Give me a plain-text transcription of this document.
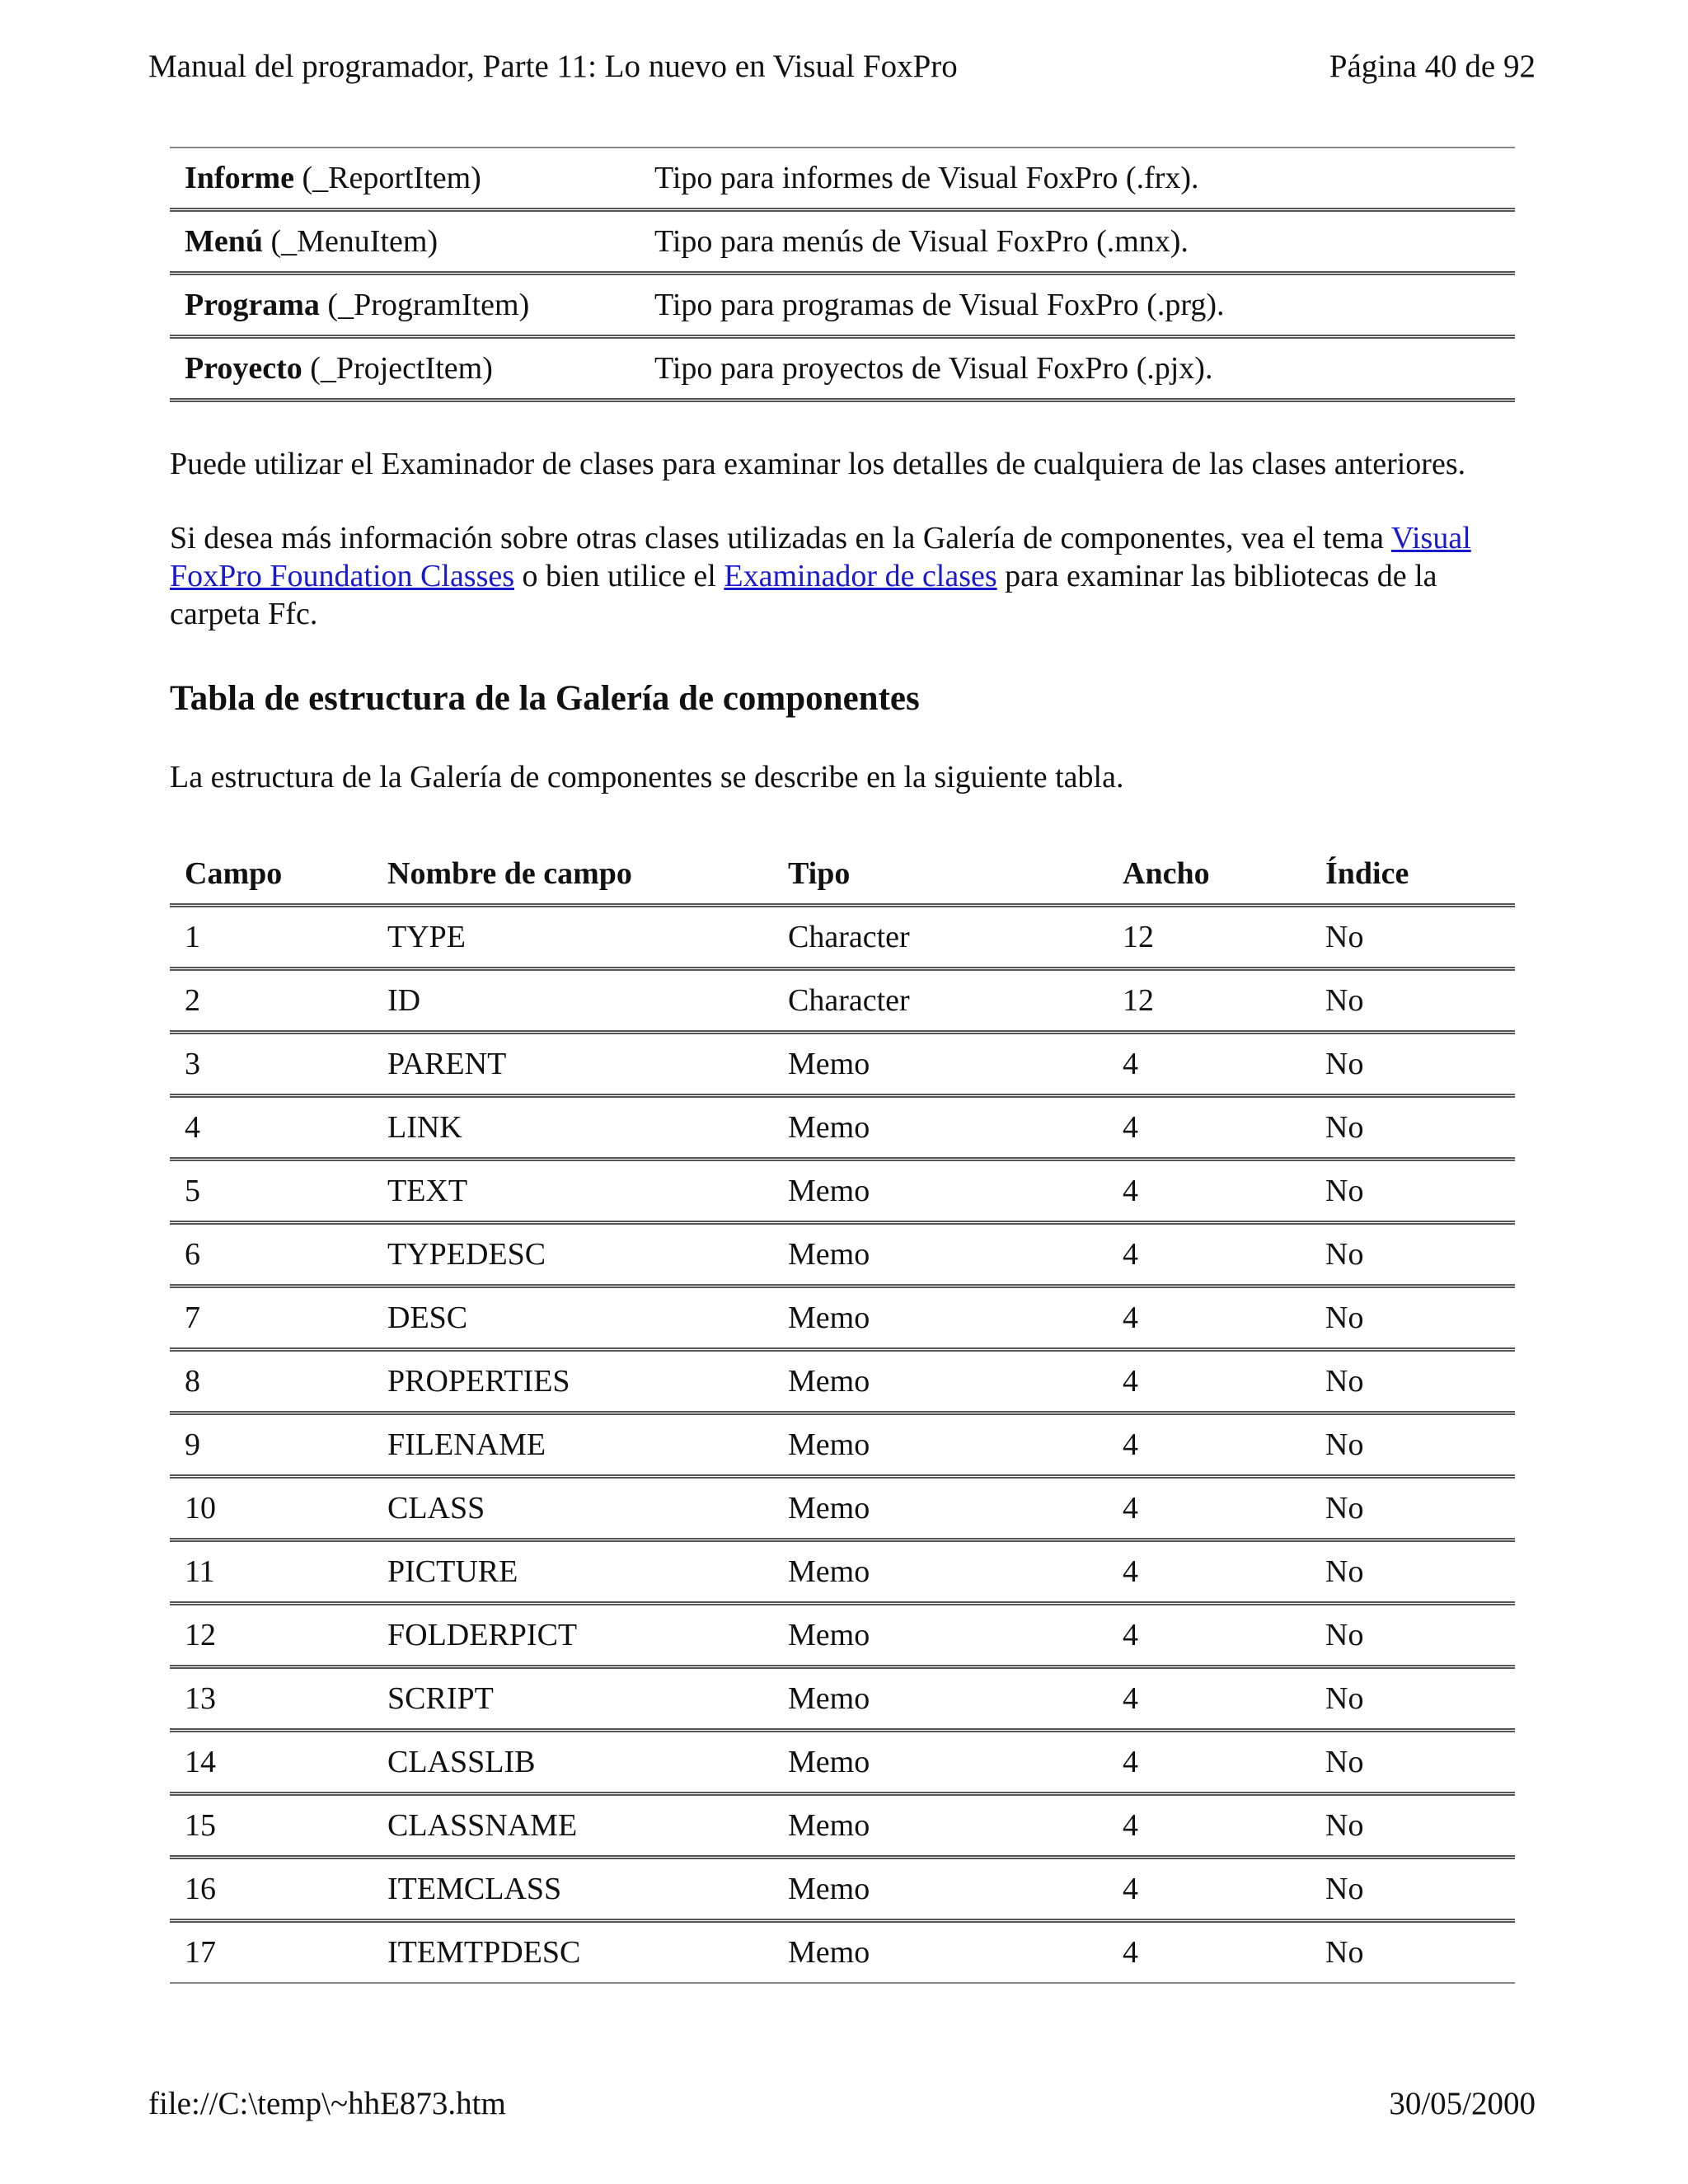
Manual del programador, Parte 11: Lo nuevo en Visual FoxPro	Página 40 de 92
Informe (_ReportItem)	Tipo para informes de Visual FoxPro (.frx).
Menú (_MenuItem)	Tipo para menús de Visual FoxPro (.mnx).
Programa (_ProgramItem)	Tipo para programas de Visual FoxPro (.prg).
Proyecto (_ProjectItem)	Tipo para proyectos de Visual FoxPro (.pjx).

Puede utilizar el Examinador de clases para examinar los detalles de cualquiera de las clases anteriores.

Si desea más información sobre otras clases utilizadas en la Galería de componentes, vea el tema Visual FoxPro Foundation Classes o bien utilice el Examinador de clases para examinar las bibliotecas de la carpeta Ffc.

Tabla de estructura de la Galería de componentes

La estructura de la Galería de componentes se describe en la siguiente tabla.

Campo	Nombre de campo	Tipo	Ancho	Índice
1	TYPE	Character	12	No
2	ID	Character	12	No
3	PARENT	Memo	4	No
4	LINK	Memo	4	No
5	TEXT	Memo	4	No
6	TYPEDESC	Memo	4	No
7	DESC	Memo	4	No
8	PROPERTIES	Memo	4	No
9	FILENAME	Memo	4	No
10	CLASS	Memo	4	No
11	PICTURE	Memo	4	No
12	FOLDERPICT	Memo	4	No
13	SCRIPT	Memo	4	No
14	CLASSLIB	Memo	4	No
15	CLASSNAME	Memo	4	No
16	ITEMCLASS	Memo	4	No
17	ITEMTPDESC	Memo	4	No
file://C:\temp\~hhE873.htm	30/05/2000
